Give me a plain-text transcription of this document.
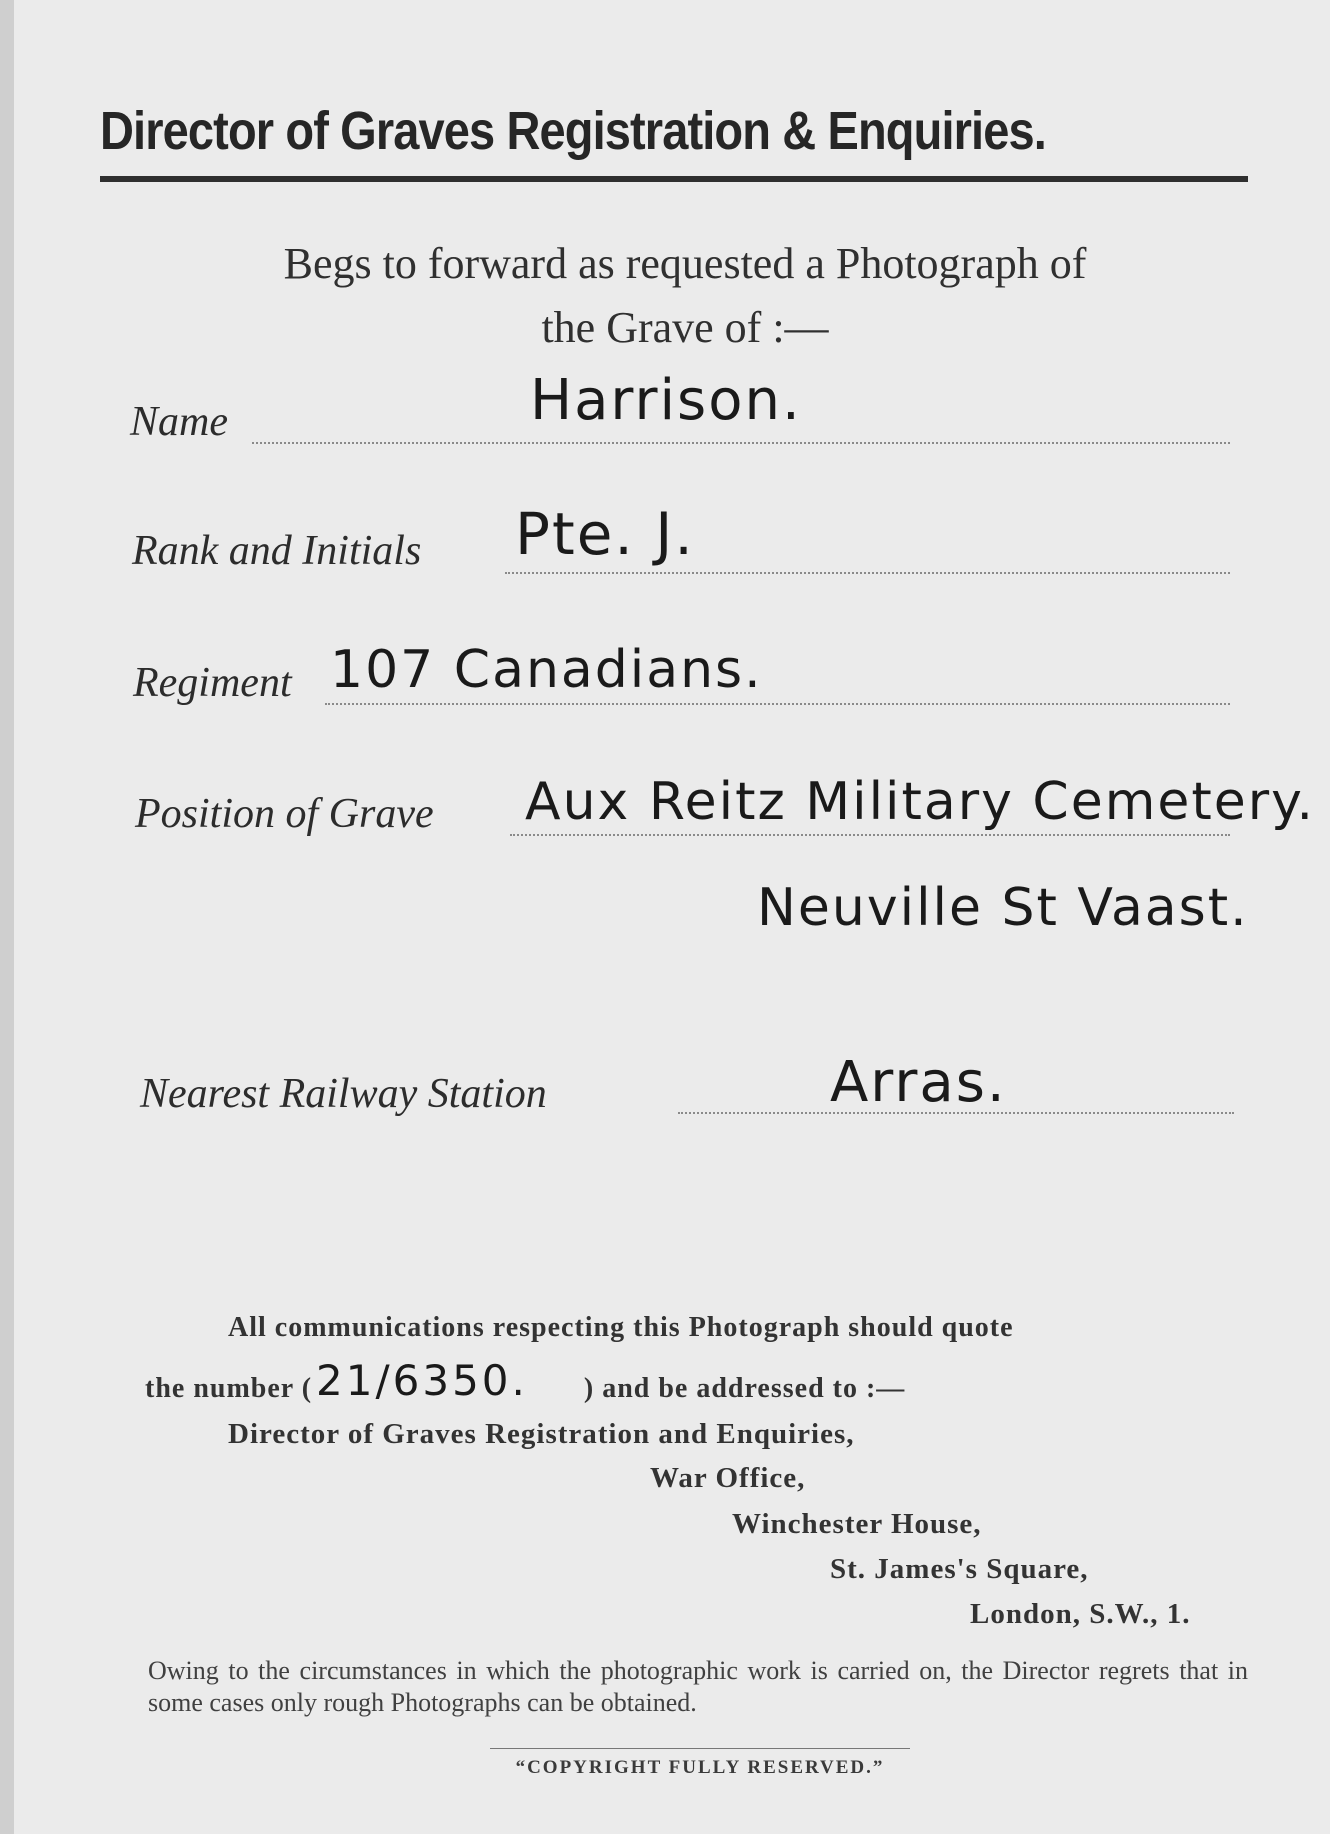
Director of Graves Registration & Enquiries.
Begs to forward as requested a Photograph of
the Grave of :—
Name	Harrison.
Rank and Initials Pte. J.
Regiment 107 Canadians.
Position of Grave Aux Reitz Military Cemetery.
Neuville St Vaast.
Nearest Railway Station	Arras.
All communications respecting this Photograph should quote
the number (21/6350. ) and be addressed to :—
Director of Graves Registration and Enquiries,
War Office,
Winchester House,
St. James's Square,
London, S.W., 1.
Owing to the circumstances in which the photographic work is carried on, the Director regrets that in some cases only rough Photographs can be obtained.
“COPYRIGHT FULLY RESERVED.”
